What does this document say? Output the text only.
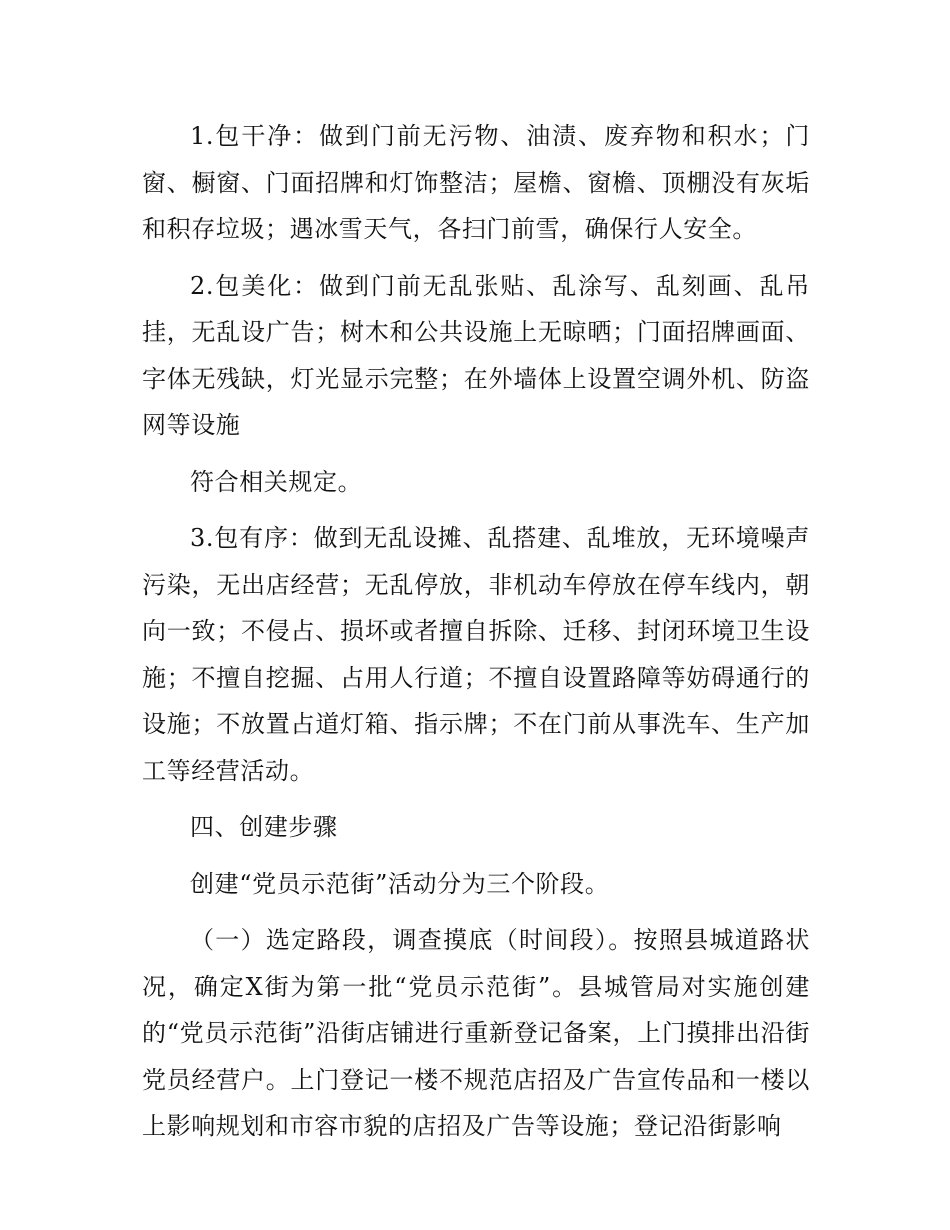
1.包干净：做到门前无污物、油渍、废弃物和积水；门窗、橱窗、门面招牌和灯饰整洁；屋檐、窗檐、顶棚没有灰垢和积存垃圾；遇冰雪天气，各扫门前雪，确保行人安全。

2.包美化：做到门前无乱张贴、乱涂写、乱刻画、乱吊挂，无乱设广告；树木和公共设施上无晾晒；门面招牌画面、字体无残缺，灯光显示完整；在外墙体上设置空调外机、防盗网等设施

符合相关规定。

3.包有序：做到无乱设摊、乱搭建、乱堆放，无环境噪声污染，无出店经营；无乱停放，非机动车停放在停车线内，朝向一致；不侵占、损坏或者擅自拆除、迁移、封闭环境卫生设施；不擅自挖掘、占用人行道；不擅自设置路障等妨碍通行的设施；不放置占道灯箱、指示牌；不在门前从事洗车、生产加工等经营活动。

四、创建步骤

创建“党员示范街”活动分为三个阶段。

（一）选定路段，调查摸底（时间段）。按照县城道路状况，确定X街为第一批“党员示范街”。县城管局对实施创建的“党员示范街”沿街店铺进行重新登记备案，上门摸排出沿街党员经营户。上门登记一楼不规范店招及广告宣传品和一楼以上影响规划和市容市貌的店招及广告等设施；登记沿街影响
